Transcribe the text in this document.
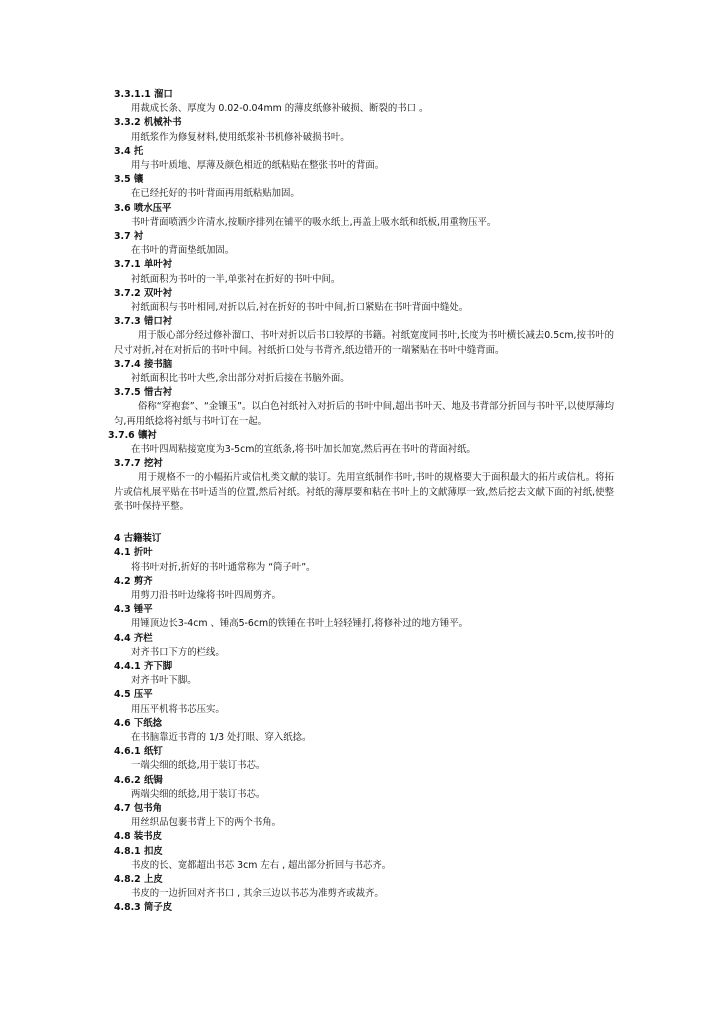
3.3.1.1 溜口
用裁成长条、厚度为 0.02-0.04mm 的薄皮纸修补破损、断裂的书口 。
3.3.2 机械补书
用纸浆作为修复材料,使用纸浆补书机修补破损书叶。
3.4 托
用与书叶质地、厚薄及颜色相近的纸粘贴在整张书叶的背面。
3.5 镶
在已经托好的书叶背面再用纸粘贴加固。
3.6 喷水压平
书叶背面喷洒少许清水,按顺序排列在铺平的吸水纸上,再盖上吸水纸和纸板,用重物压平。
3.7 衬
在书叶的背面垫纸加固。
3.7.1 单叶衬
衬纸面积为书叶的一半,单张衬在折好的书叶中间。
3.7.2 双叶衬
衬纸面积与书叶相同,对折以后,衬在折好的书叶中间,折口紧贴在书叶背面中缝处。
3.7.3 错口衬
用于版心部分经过修补溜口、书叶对折以后书口较厚的书籍。衬纸宽度同书叶,长度为书叶横长减去0.5cm,按书叶的尺寸对折,衬在对折后的书叶中间。衬纸折口处与书背齐,纸边错开的一端紧贴在书叶中缝背面。
3.7.4 接书脑
衬纸面积比书叶大些,余出部分对折后接在书脑外面。
3.7.5 惜古衬
俗称“穿袍套”、“金镶玉”。以白色衬纸衬入对折后的书叶中间,超出书叶天、地及书背部分折回与书叶平,以使厚薄均匀,再用纸捻将衬纸与书叶订在一起。
3.7.6 镶衬
在书叶四周粘接宽度为3-5cm的宣纸条,将书叶加长加宽,然后再在书叶的背面衬纸。
3.7.7 挖衬
用于规格不一的小幅拓片或信札类文献的装订。先用宣纸制作书叶,书叶的规格要大于面积最大的拓片或信札。将拓片或信札展平贴在书叶适当的位置,然后衬纸。衬纸的薄厚要和粘在书叶上的文献薄厚一致,然后挖去文献下面的衬纸,使整张书叶保持平整。
4 古籍装订
4.1 折叶
将书叶对折,折好的书叶通常称为 “筒子叶”。
4.2 剪齐
用剪刀沿书叶边缘将书叶四周剪齐。
4.3 锤平
用锤顶边长3-4cm 、锤高5-6cm的铁锤在书叶上轻轻锤打,将修补过的地方锤平。
4.4 齐栏
对齐书口下方的栏线。
4.4.1 齐下脚
对齐书叶下脚。
4.5 压平
用压平机将书芯压实。
4.6 下纸捻
在书脑靠近书背的 1/3 处打眼、穿入纸捻。
4.6.1 纸钉
一端尖细的纸捻,用于装订书芯。
4.6.2 纸锔
两端尖细的纸捻,用于装订书芯。
4.7 包书角
用丝织品包裹书背上下的两个书角。
4.8 装书皮
4.8.1 扣皮
书皮的长、宽都超出书芯 3cm 左右 , 超出部分折回与书芯齐。
4.8.2 上皮
书皮的一边折回对齐书口 , 其余三边以书芯为准剪齐或裁齐。
4.8.3 筒子皮
